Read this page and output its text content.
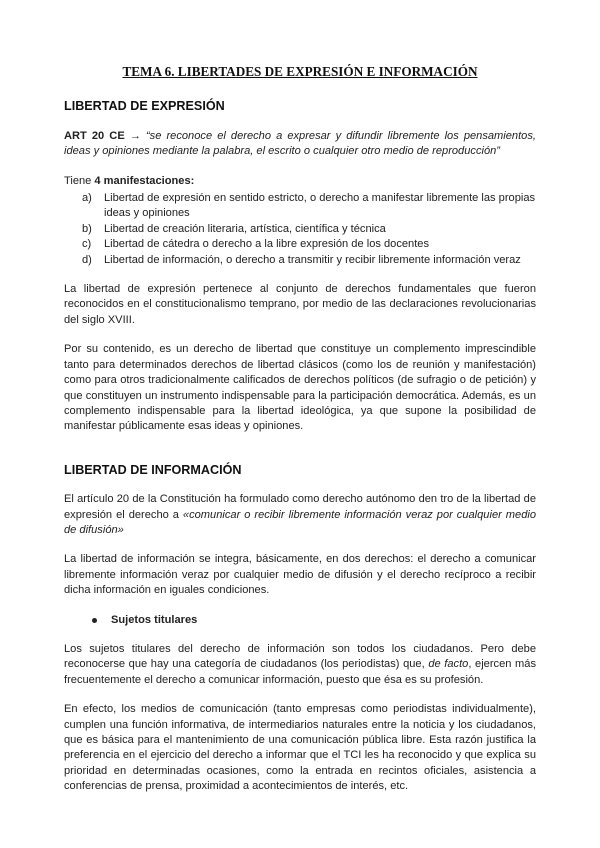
TEMA 6. LIBERTADES DE EXPRESIÓN E INFORMACIÓN
LIBERTAD DE EXPRESIÓN

ART 20 CE → “se reconoce el derecho a expresar y difundir libremente los pensamientos, ideas y opiniones mediante la palabra, el escrito o cualquier otro medio de reproducción”

Tiene 4 manifestaciones:

a)	Libertad de expresión en sentido estricto, o derecho a manifestar libremente las propias ideas y opiniones
b)	Libertad de creación literaria, artística, científica y técnica
c)	Libertad de cátedra o derecho a la libre expresión de los docentes
d)	Libertad de información, o derecho a transmitir y recibir libremente información veraz

La libertad de expresión pertenece al conjunto de derechos fundamentales que fueron reconocidos en el constitucionalismo temprano, por medio de las declaraciones revolucionarias del siglo XVIII.

Por su contenido, es un derecho de libertad que constituye un complemento imprescindible tanto para determinados derechos de libertad clásicos (como los de reunión y manifestación) como para otros tradicionalmente calificados de derechos políticos (de sufragio o de petición) y que constituyen un instrumento indispensable para la participación democrática. Además, es un complemento indispensable para la libertad ideológica, ya que supone la posibilidad de manifestar públicamente esas ideas y opiniones.

LIBERTAD DE INFORMACIÓN

El artículo 20 de la Constitución ha formulado como derecho autónomo den tro de la libertad de expresión el derecho a «comunicar o recibir libremente información veraz por cualquier medio de difusión»

La libertad de información se integra, básicamente, en dos derechos: el derecho a comunicar libremente información veraz por cualquier medio de difusión y el derecho recíproco a recibir dicha información en iguales condiciones.

Sujetos titulares

Los sujetos titulares del derecho de información son todos los ciudadanos. Pero debe reconocerse que hay una categoría de ciudadanos (los periodistas) que, de facto, ejercen más frecuentemente el derecho a comunicar información, puesto que ésa es su profesión.

En efecto, los medios de comunicación (tanto empresas como periodistas individualmente), cumplen una función informativa, de intermediarios naturales entre la noticia y los ciudadanos, que es básica para el mantenimiento de una comunicación pública libre. Esta razón justifica la preferencia en el ejercicio del derecho a informar que el TCI les ha reconocido y que explica su prioridad en determinadas ocasiones, como la entrada en recintos oficiales, asistencia a conferencias de prensa, proximidad a acontecimientos de interés, etc.
